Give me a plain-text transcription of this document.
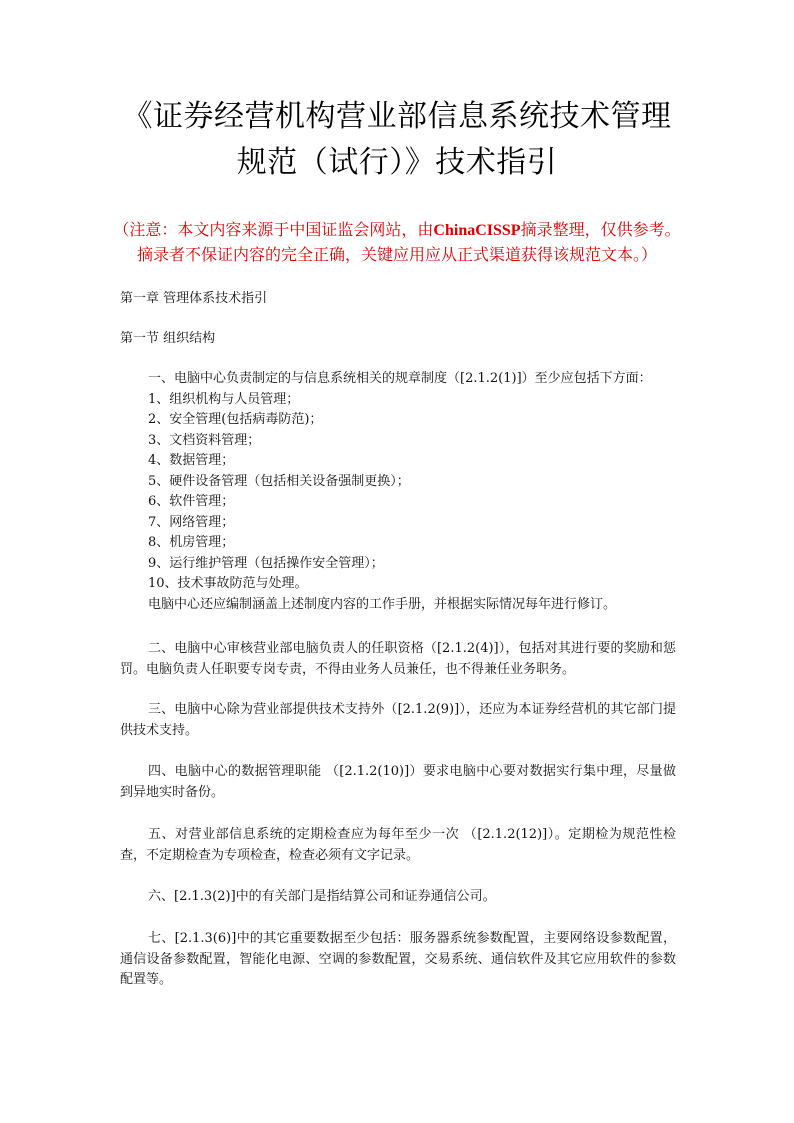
《证券经营机构营业部信息系统技术管理
规范（试行）》技术指引
（注意：本文内容来源于中国证监会网站，由ChinaCISSP摘录整理，仅供参考。
摘录者不保证内容的完全正确，关键应用应从正式渠道获得该规范文本。）
第一章 管理体系技术指引
第一节 组织结构

一、电脑中心负责制定的与信息系统相关的规章制度（[2.1.2(1)]）至少应包括下方面：

1、组织机构与人员管理；

2、安全管理(包括病毒防范)；

3、文档资料管理；

4、数据管理；

5、硬件设备管理（包括相关设备强制更换）；

6、软件管理；

7、网络管理；

8、机房管理；

9、运行维护管理（包括操作安全管理）；

10、技术事故防范与处理。

电脑中心还应编制涵盖上述制度内容的工作手册，并根据实际情况每年进行修订。

二、电脑中心审核营业部电脑负责人的任职资格（[2.1.2(4)]），包括对其进行要的奖励和惩罚。电脑负责人任职要专岗专责，不得由业务人员兼任，也不得兼任业务职务。

三、电脑中心除为营业部提供技术支持外（[2.1.2(9)]），还应为本证券经营机的其它部门提供技术支持。

四、电脑中心的数据管理职能 （[2.1.2(10)]）要求电脑中心要对数据实行集中理，尽量做到异地实时备份。

五、对营业部信息系统的定期检查应为每年至少一次 （[2.1.2(12)]）。定期检为规范性检查，不定期检查为专项检查，检查必须有文字记录。

六、[2.1.3(2)]中的有关部门是指结算公司和证券通信公司。

七、[2.1.3(6)]中的其它重要数据至少包括：服务器系统参数配置，主要网络设参数配置，通信设备参数配置，智能化电源、空调的参数配置，交易系统、通信软件及其它应用软件的参数配置等。
